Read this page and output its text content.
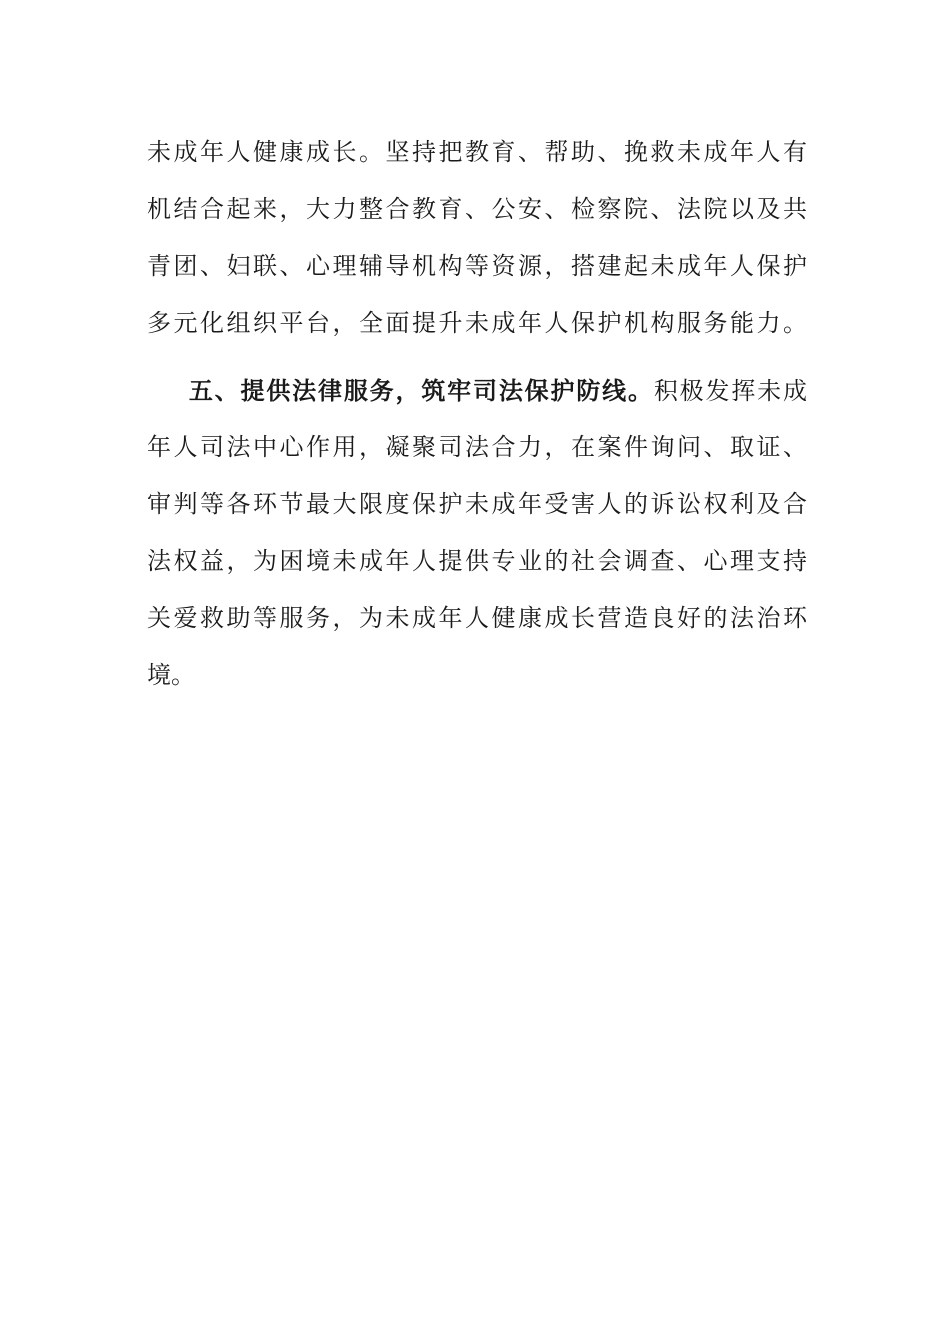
未成年人健康成长。坚持把教育、帮助、挽救未成年人有
机结合起来，大力整合教育、公安、检察院、法院以及共
青团、妇联、心理辅导机构等资源，搭建起未成年人保护
多元化组织平台，全面提升未成年人保护机构服务能力。
五、提供法律服务，筑牢司法保护防线。积极发挥未成
年人司法中心作用，凝聚司法合力，在案件询问、取证、
审判等各环节最大限度保护未成年受害人的诉讼权利及合
法权益，为困境未成年人提供专业的社会调查、心理支持
关爱救助等服务，为未成年人健康成长营造良好的法治环
境。
